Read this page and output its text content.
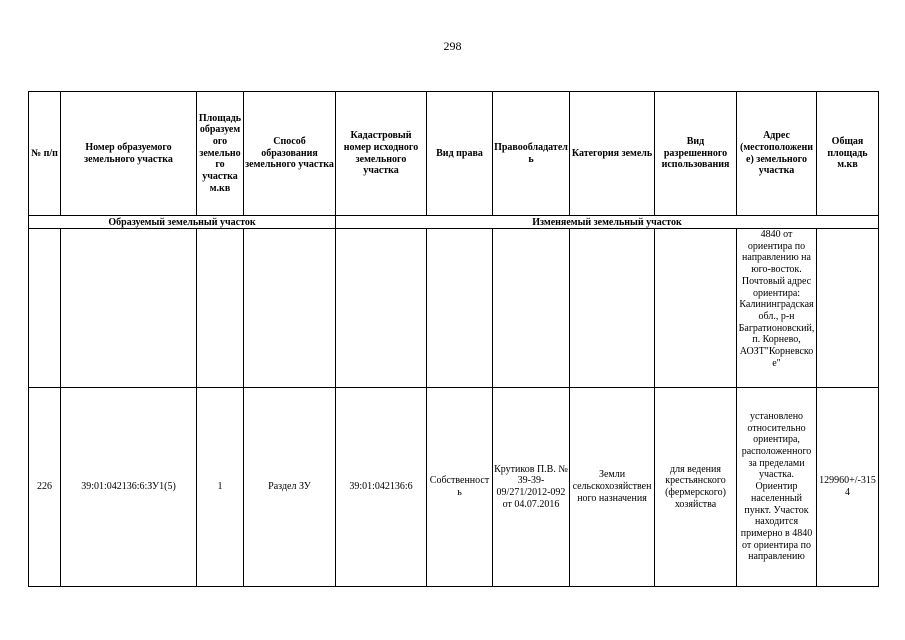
298
№ п/п	Номер образуемого земельного участка	Площадь образуемого земельного участка м.кв	Способ образования земельного участка	Кадастровый номер исходного земельного участка	Вид права	Правообладатель	Категория земель	Вид разрешенного использования	Адрес (местоположение) земельного участка	Общая площадь м.кв
Образуемый земельный участок				Изменяемый земельный участок						
									4840 от ориентира по направлению на юго-восток. Почтовый адрес ориентира: Калининградская обл., р-н Багратионовский, п. Корнево, АОЗТ"Корневское"	
226	39:01:042136:6:ЗУ1(5)	1	Раздел ЗУ	39:01:042136:6	Собственность	Крутиков П.В. № 39-39-09/271/2012-092 от 04.07.2016	Земли сельскохозяйственного назначения	для ведения крестьянского (фермерского) хозяйства	установлено относительно ориентира, расположенного за пределами участка. Ориентир населенный пункт. Участок находится примерно в 4840 от ориентира по направлению	129960+/-3154
